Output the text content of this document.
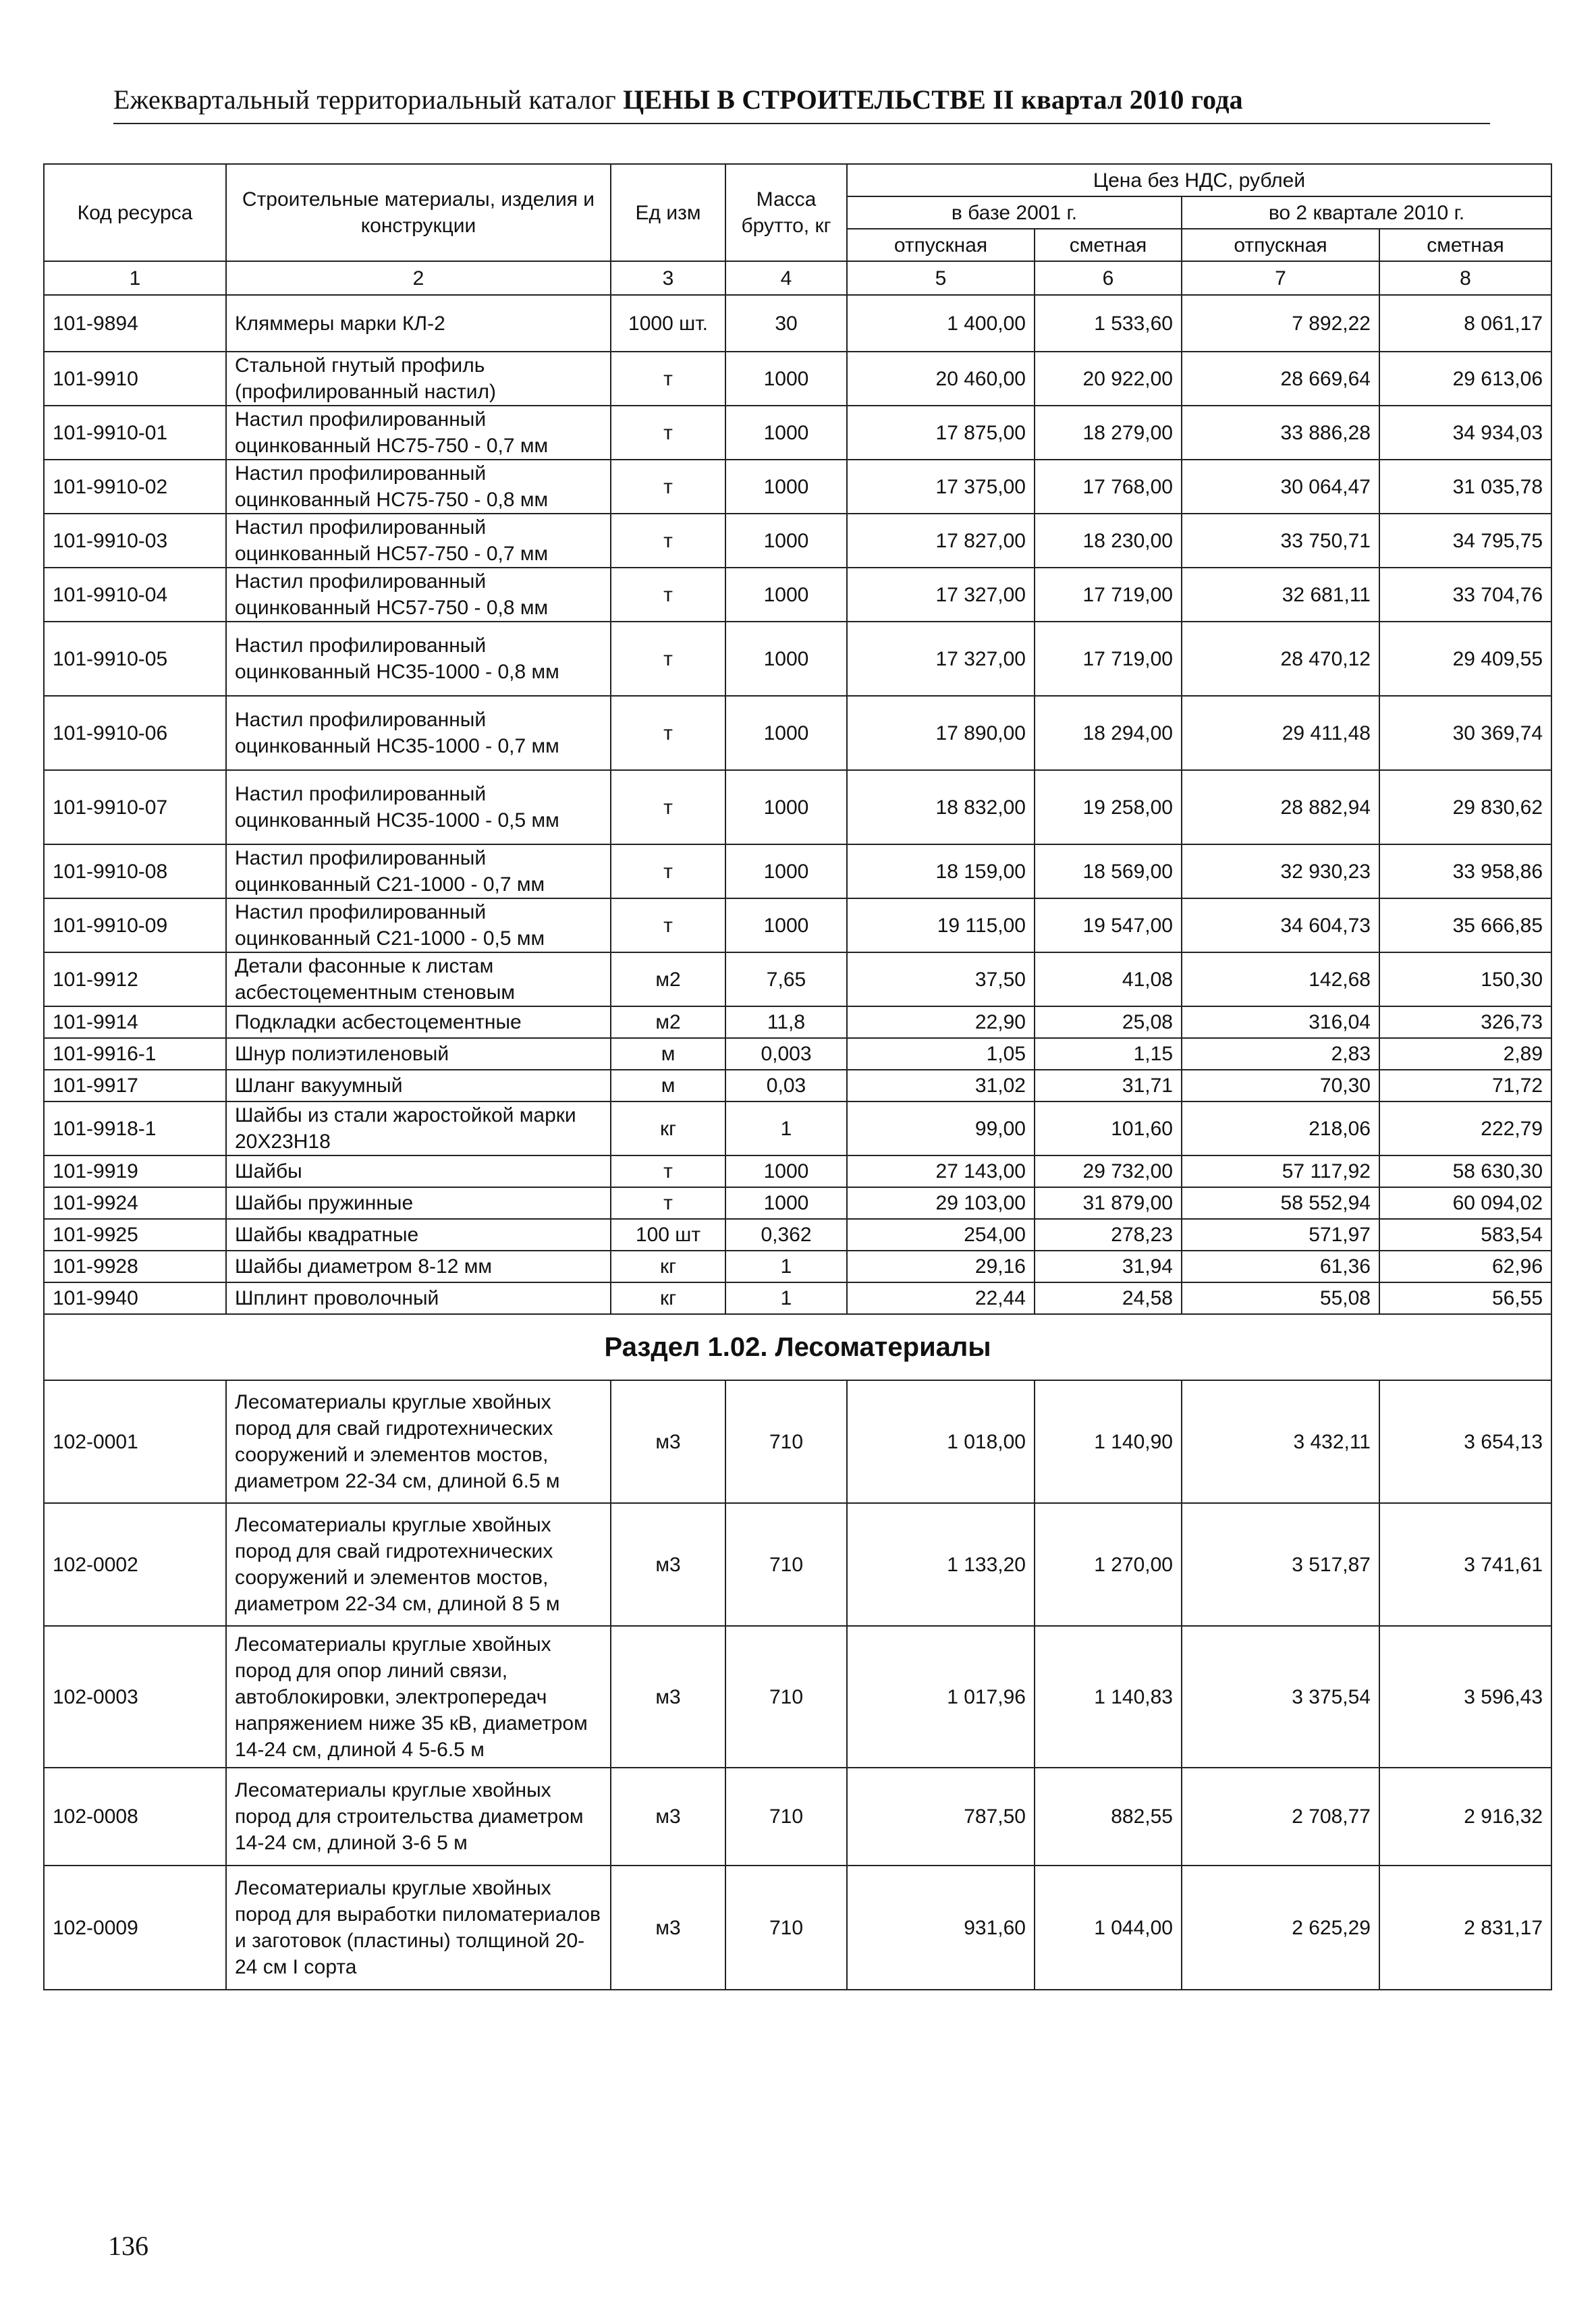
Ежеквартальный территориальный каталог ЦЕНЫ В СТРОИТЕЛЬСТВЕ II квартал 2010 года
Код ресурса	Строительные материалы, изделия и конструкции	Ед изм	Масса брутто, кг	Цена без НДС, рублей			
				в базе 2001 г.		во 2 квартале 2010 г.	
				отпускная	сметная	отпускная	сметная
1	2	3	4	5	6	7	8
101-9894	Кляммеры марки КЛ-2	1000 шт.	30	1 400,00	1 533,60	7 892,22	8 061,17
101-9910	Стальной гнутый профиль (профилированный настил)	т	1000	20 460,00	20 922,00	28 669,64	29 613,06
101-9910-01	Настил профилированный оцинкованный НС75-750 - 0,7 мм	т	1000	17 875,00	18 279,00	33 886,28	34 934,03
101-9910-02	Настил профилированный оцинкованный НС75-750 - 0,8 мм	т	1000	17 375,00	17 768,00	30 064,47	31 035,78
101-9910-03	Настил профилированный оцинкованный НС57-750 - 0,7 мм	т	1000	17 827,00	18 230,00	33 750,71	34 795,75
101-9910-04	Настил профилированный оцинкованный НС57-750 - 0,8 мм	т	1000	17 327,00	17 719,00	32 681,11	33 704,76
101-9910-05	Настил профилированный оцинкованный НС35-1000 - 0,8 мм	т	1000	17 327,00	17 719,00	28 470,12	29 409,55
101-9910-06	Настил профилированный оцинкованный НС35-1000 - 0,7 мм	т	1000	17 890,00	18 294,00	29 411,48	30 369,74
101-9910-07	Настил профилированный оцинкованный НС35-1000 - 0,5 мм	т	1000	18 832,00	19 258,00	28 882,94	29 830,62
101-9910-08	Настил профилированный оцинкованный С21-1000 - 0,7 мм	т	1000	18 159,00	18 569,00	32 930,23	33 958,86
101-9910-09	Настил профилированный оцинкованный С21-1000 - 0,5 мм	т	1000	19 115,00	19 547,00	34 604,73	35 666,85
101-9912	Детали фасонные к листам асбестоцементным стеновым	м2	7,65	37,50	41,08	142,68	150,30
101-9914	Подкладки асбестоцементные	м2	11,8	22,90	25,08	316,04	326,73
101-9916-1	Шнур полиэтиленовый	м	0,003	1,05	1,15	2,83	2,89
101-9917	Шланг вакуумный	м	0,03	31,02	31,71	70,30	71,72
101-9918-1	Шайбы из стали жаростойкой марки 20Х23Н18	кг	1	99,00	101,60	218,06	222,79
101-9919	Шайбы	т	1000	27 143,00	29 732,00	57 117,92	58 630,30
101-9924	Шайбы пружинные	т	1000	29 103,00	31 879,00	58 552,94	60 094,02
101-9925	Шайбы квадратные	100 шт	0,362	254,00	278,23	571,97	583,54
101-9928	Шайбы диаметром 8-12 мм	кг	1	29,16	31,94	61,36	62,96
101-9940	Шплинт проволочный	кг	1	22,44	24,58	55,08	56,55
Раздел 1.02. Лесоматериалы							
102-0001	Лесоматериалы круглые хвойных пород для свай гидротехнических сооружений и элементов мостов, диаметром 22-34 см, длиной 6.5 м	м3	710	1 018,00	1 140,90	3 432,11	3 654,13
102-0002	Лесоматериалы круглые хвойных пород для свай гидротехнических сооружений и элементов мостов, диаметром 22-34 см, длиной 8 5 м	м3	710	1 133,20	1 270,00	3 517,87	3 741,61
102-0003	Лесоматериалы круглые хвойных пород для опор линий связи, автоблокировки, электропередач напряжением ниже 35 кВ, диаметром 14-24 см, длиной 4 5-6.5 м	м3	710	1 017,96	1 140,83	3 375,54	3 596,43
102-0008	Лесоматериалы круглые хвойных пород для строительства диаметром 14-24 см, длиной 3-6 5 м	м3	710	787,50	882,55	2 708,77	2 916,32
102-0009	Лесоматериалы круглые хвойных пород для выработки пиломатериалов и заготовок (пластины) толщиной 20-24 см I сорта	м3	710	931,60	1 044,00	2 625,29	2 831,17
136
